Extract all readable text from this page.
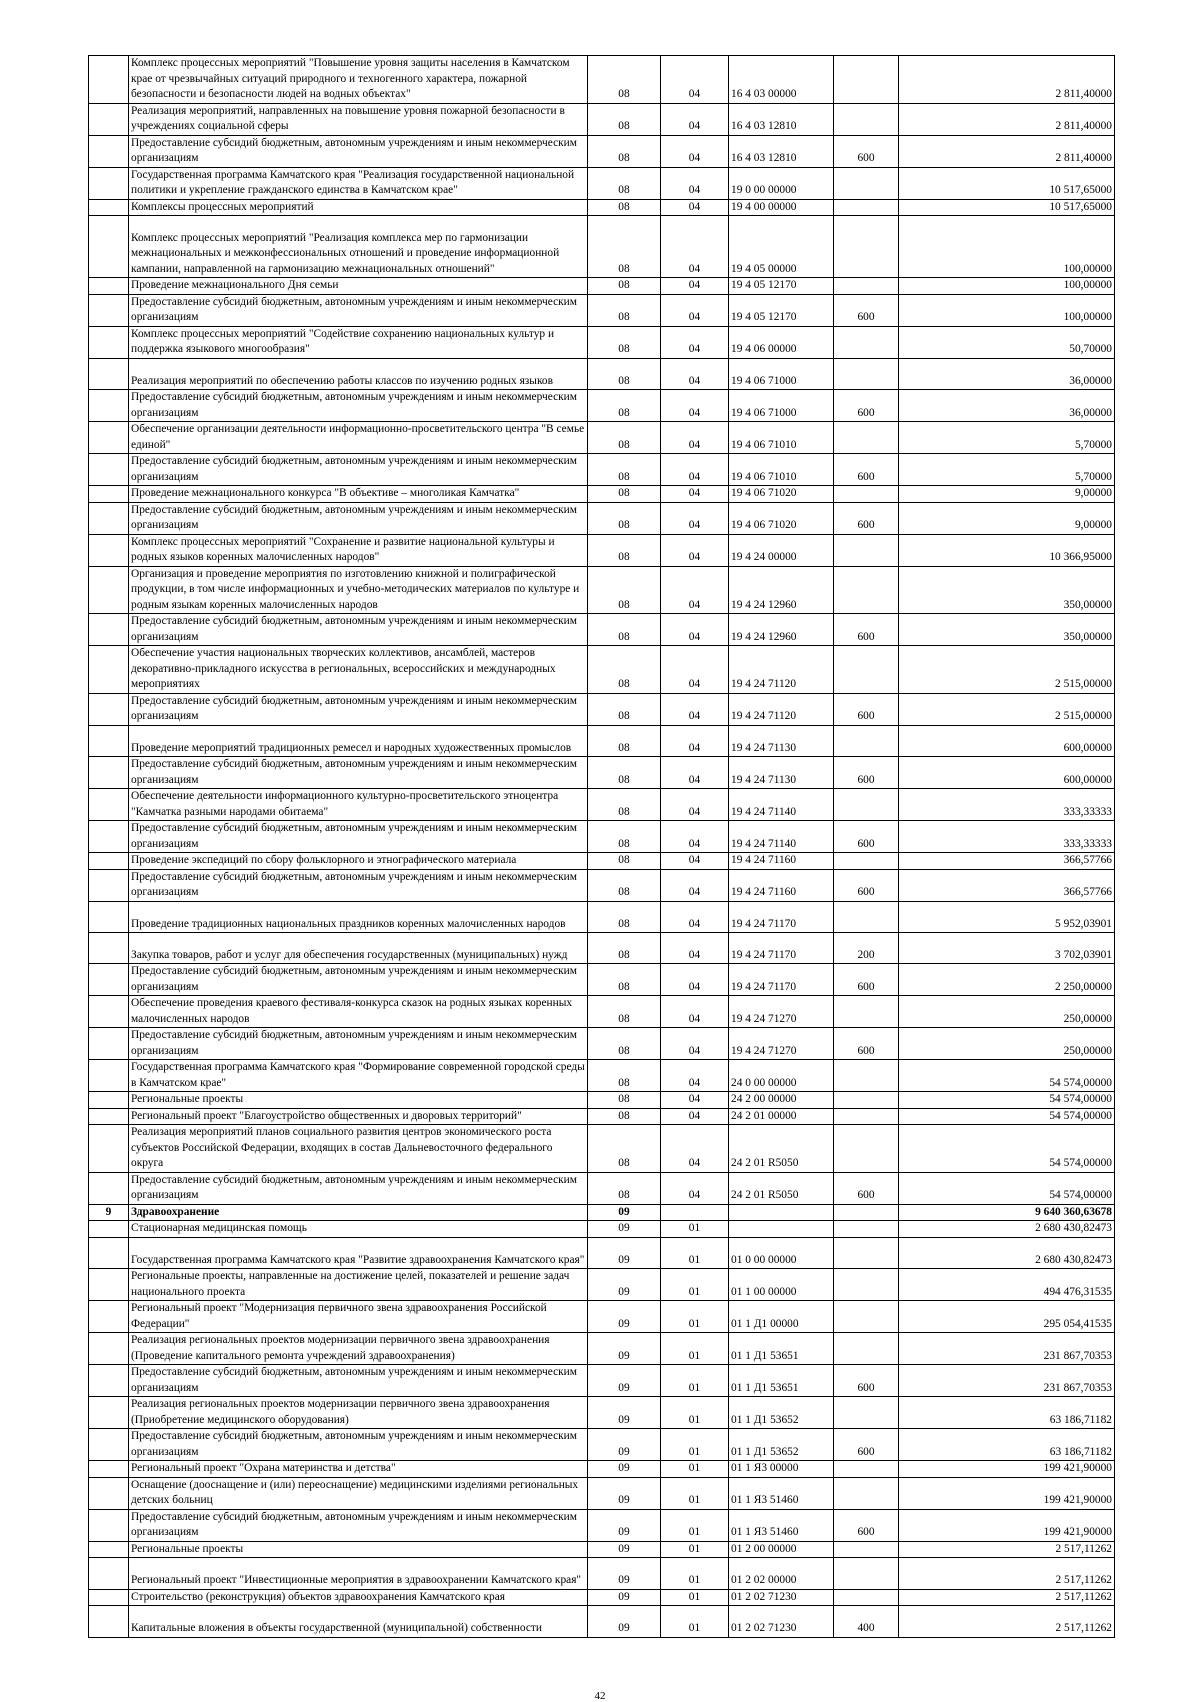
	Комплекс процессных мероприятий "Повышение уровня защиты населения в Камчатском крае от чрезвычайных ситуаций природного и техногенного характера, пожарной безопасности и безопасности людей на водных объектах"	08	04	16 4 03 00000		2 811,40000
	Реализация мероприятий, направленных на повышение уровня пожарной безопасности в учреждениях социальной сферы	08	04	16 4 03 12810		2 811,40000
	Предоставление субсидий бюджетным, автономным учреждениям и иным некоммерческим организациям	08	04	16 4 03 12810	600	2 811,40000
	Государственная программа Камчатского края "Реализация государственной национальной политики и укрепление гражданского единства в Камчатском крае"	08	04	19 0 00 00000		10 517,65000
	Комплексы процессных мероприятий	08	04	19 4 00 00000		10 517,65000
	Комплекс процессных мероприятий "Реализация комплекса мер по гармонизации межнациональных и межконфессиональных отношений и проведение информационной кампании, направленной на гармонизацию межнациональных отношений"	08	04	19 4 05 00000		100,00000
	Проведение межнационального Дня семьи	08	04	19 4 05 12170		100,00000
	Предоставление субсидий бюджетным, автономным учреждениям и иным некоммерческим организациям	08	04	19 4 05 12170	600	100,00000
	Комплекс процессных мероприятий "Содействие сохранению национальных культур и поддержка языкового многообразия"	08	04	19 4 06 00000		50,70000
	Реализация мероприятий по обеспечению работы классов по изучению родных языков	08	04	19 4 06 71000		36,00000
	Предоставление субсидий бюджетным, автономным учреждениям и иным некоммерческим организациям	08	04	19 4 06 71000	600	36,00000
	Обеспечение организации деятельности информационно-просветительского центра "В семье единой"	08	04	19 4 06 71010		5,70000
	Предоставление субсидий бюджетным, автономным учреждениям и иным некоммерческим организациям	08	04	19 4 06 71010	600	5,70000
	Проведение межнационального конкурса "В объективе – многоликая Камчатка"	08	04	19 4 06 71020		9,00000
	Предоставление субсидий бюджетным, автономным учреждениям и иным некоммерческим организациям	08	04	19 4 06 71020	600	9,00000
	Комплекс процессных мероприятий "Сохранение и развитие национальной культуры и родных языков коренных малочисленных народов"	08	04	19 4 24 00000		10 366,95000
	Организация и проведение мероприятия по изготовлению книжной и полиграфической продукции, в том числе информационных и учебно-методических материалов по культуре и родным языкам коренных малочисленных народов	08	04	19 4 24 12960		350,00000
	Предоставление субсидий бюджетным, автономным учреждениям и иным некоммерческим организациям	08	04	19 4 24 12960	600	350,00000
	Обеспечение участия национальных творческих коллективов, ансамблей, мастеров декоративно-прикладного искусства в региональных, всероссийских и международных мероприятиях	08	04	19 4 24 71120		2 515,00000
	Предоставление субсидий бюджетным, автономным учреждениям и иным некоммерческим организациям	08	04	19 4 24 71120	600	2 515,00000
	Проведение мероприятий традиционных ремесел и народных художественных промыслов	08	04	19 4 24 71130		600,00000
	Предоставление субсидий бюджетным, автономным учреждениям и иным некоммерческим организациям	08	04	19 4 24 71130	600	600,00000
	Обеспечение деятельности информационного культурно-просветительского этноцентра "Камчатка разными народами обитаема"	08	04	19 4 24 71140		333,33333
	Предоставление субсидий бюджетным, автономным учреждениям и иным некоммерческим организациям	08	04	19 4 24 71140	600	333,33333
	Проведение экспедиций по сбору фольклорного и этнографического материала	08	04	19 4 24 71160		366,57766
	Предоставление субсидий бюджетным, автономным учреждениям и иным некоммерческим организациям	08	04	19 4 24 71160	600	366,57766
	Проведение традиционных национальных праздников коренных малочисленных народов	08	04	19 4 24 71170		5 952,03901
	Закупка товаров, работ и услуг для обеспечения государственных (муниципальных) нужд	08	04	19 4 24 71170	200	3 702,03901
	Предоставление субсидий бюджетным, автономным учреждениям и иным некоммерческим организациям	08	04	19 4 24 71170	600	2 250,00000
	Обеспечение проведения краевого фестиваля-конкурса сказок на родных языках коренных малочисленных народов	08	04	19 4 24 71270		250,00000
	Предоставление субсидий бюджетным, автономным учреждениям и иным некоммерческим организациям	08	04	19 4 24 71270	600	250,00000
	Государственная программа Камчатского края "Формирование современной городской среды в Камчатском крае"	08	04	24 0 00 00000		54 574,00000
	Региональные проекты	08	04	24 2 00 00000		54 574,00000
	Региональный проект "Благоустройство общественных и дворовых территорий"	08	04	24 2 01 00000		54 574,00000
	Реализация мероприятий планов социального развития центров экономического роста субъектов Российской Федерации, входящих в состав Дальневосточного федерального округа	08	04	24 2 01 R5050		54 574,00000
	Предоставление субсидий бюджетным, автономным учреждениям и иным некоммерческим организациям	08	04	24 2 01 R5050	600	54 574,00000
9	Здравоохранение	09				9 640 360,63678
	Стационарная медицинская помощь	09	01			2 680 430,82473
	Государственная программа Камчатского края "Развитие здравоохранения Камчатского края"	09	01	01 0 00 00000		2 680 430,82473
	Региональные проекты, направленные на достижение целей, показателей и решение задач национального проекта	09	01	01 1 00 00000		494 476,31535
	Региональный проект "Модернизация первичного звена здравоохранения Российской Федерации"	09	01	01 1 Д1 00000		295 054,41535
	Реализация региональных проектов модернизации первичного звена здравоохранения (Проведение капитального ремонта учреждений здравоохранения)	09	01	01 1 Д1 53651		231 867,70353
	Предоставление субсидий бюджетным, автономным учреждениям и иным некоммерческим организациям	09	01	01 1 Д1 53651	600	231 867,70353
	Реализация региональных проектов модернизации первичного звена здравоохранения (Приобретение медицинского оборудования)	09	01	01 1 Д1 53652		63 186,71182
	Предоставление субсидий бюджетным, автономным учреждениям и иным некоммерческим организациям	09	01	01 1 Д1 53652	600	63 186,71182
	Региональный проект "Охрана материнства и детства"	09	01	01 1 Я3 00000		199 421,90000
	Оснащение (дооснащение и (или) переоснащение) медицинскими изделиями региональных детских больниц	09	01	01 1 Я3 51460		199 421,90000
	Предоставление субсидий бюджетным, автономным учреждениям и иным некоммерческим организациям	09	01	01 1 Я3 51460	600	199 421,90000
	Региональные проекты	09	01	01 2 00 00000		2 517,11262
	Региональный проект "Инвестиционные мероприятия в здравоохранении Камчатского края"	09	01	01 2 02 00000		2 517,11262
	Строительство (реконструкция) объектов здравоохранения Камчатского края	09	01	01 2 02 71230		2 517,11262
	Капитальные вложения в объекты государственной (муниципальной) собственности	09	01	01 2 02 71230	400	2 517,11262
42
